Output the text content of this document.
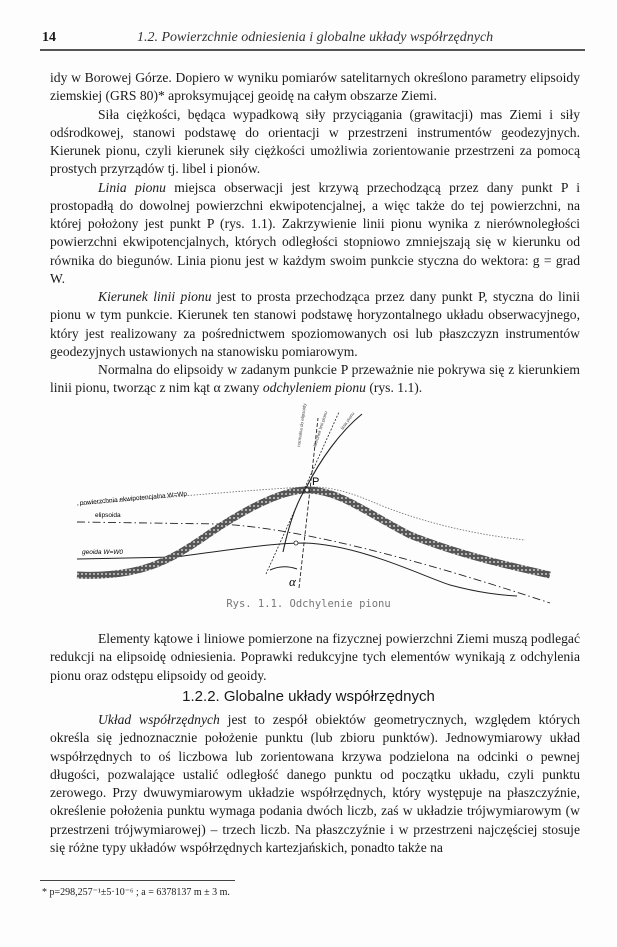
14	1.2. Powierzchnie odniesienia i globalne układy współrzędnych

idy w Borowej Górze. Dopiero w wyniku pomiarów satelitarnych określono parametry elipsoidy ziemskiej (GRS 80)* aproksymującej geoidę na całym obszarze Ziemi.

Siła ciężkości, będąca wypadkową siły przyciągania (grawitacji) mas Ziemi i siły odśrodkowej, stanowi podstawę do orientacji w przestrzeni instrumentów geodezyjnych. Kierunek pionu, czyli kierunek siły ciężkości umożliwia zorientowanie przestrzeni za pomocą prostych przyrządów tj. libel i pionów.

Linia pionu miejsca obserwacji jest krzywą przechodzącą przez dany punkt P i prostopadłą do dowolnej powierzchni ekwipotencjalnej, a więc także do tej powierzchni, na której położony jest punkt P (rys. 1.1). Zakrzywienie linii pionu wynika z nierównoległości powierzchni ekwipotencjalnych, których odległości stopniowo zmniejszają się w kierunku od równika do biegunów. Linia pionu jest w każdym swoim punkcie styczna do wektora: g = grad W.

Kierunek linii pionu jest to prosta przechodząca przez dany punkt P, styczna do linii pionu w tym punkcie. Kierunek ten stanowi podstawę horyzontalnego układu obserwacyjnego, który jest realizowany za pośrednictwem spoziomowanych osi lub płaszczyzn instrumentów geodezyjnych ustawionych na stanowisku pomiarowym.

Normalna do elipsoidy w zadanym punkcie P przeważnie nie pokrywa się z kierunkiem linii pionu, tworząc z nim kąt α zwany odchyleniem pionu (rys. 1.1).

P
α
powierzchnia ekwipotencjalna W=Wp
elipsoida
geoida W=W0
normalna do elipsoidy kierunek linii pionu	linia pionu
Rys. 1.1. Odchylenie pionu

Elementy kątowe i liniowe pomierzone na fizycznej powierzchni Ziemi muszą podlegać redukcji na elipsoidę odniesienia. Poprawki redukcyjne tych elementów wynikają z odchylenia pionu oraz odstępu elipsoidy od geoidy.

1.2.2. Globalne układy współrzędnych

Układ współrzędnych jest to zespół obiektów geometrycznych, względem których określa się jednoznacznie położenie punktu (lub zbioru punktów). Jednowymiarowy układ współrzędnych to oś liczbowa lub zorientowana krzywa podzielona na odcinki o pewnej długości, pozwalające ustalić odległość danego punktu od początku układu, czyli punktu zerowego. Przy dwuwymiarowym układzie współrzędnych, który występuje na płaszczyźnie, określenie położenia punktu wymaga podania dwóch liczb, zaś w układzie trójwymiarowym (w przestrzeni trójwymiarowej) – trzech liczb. Na płaszczyźnie i w przestrzeni najczęściej stosuje się różne typy układów współrzędnych kartezjańskich, ponadto także na

* p=298,257⁻¹±5·10⁻⁶ ; a = 6378137 m ± 3 m.
